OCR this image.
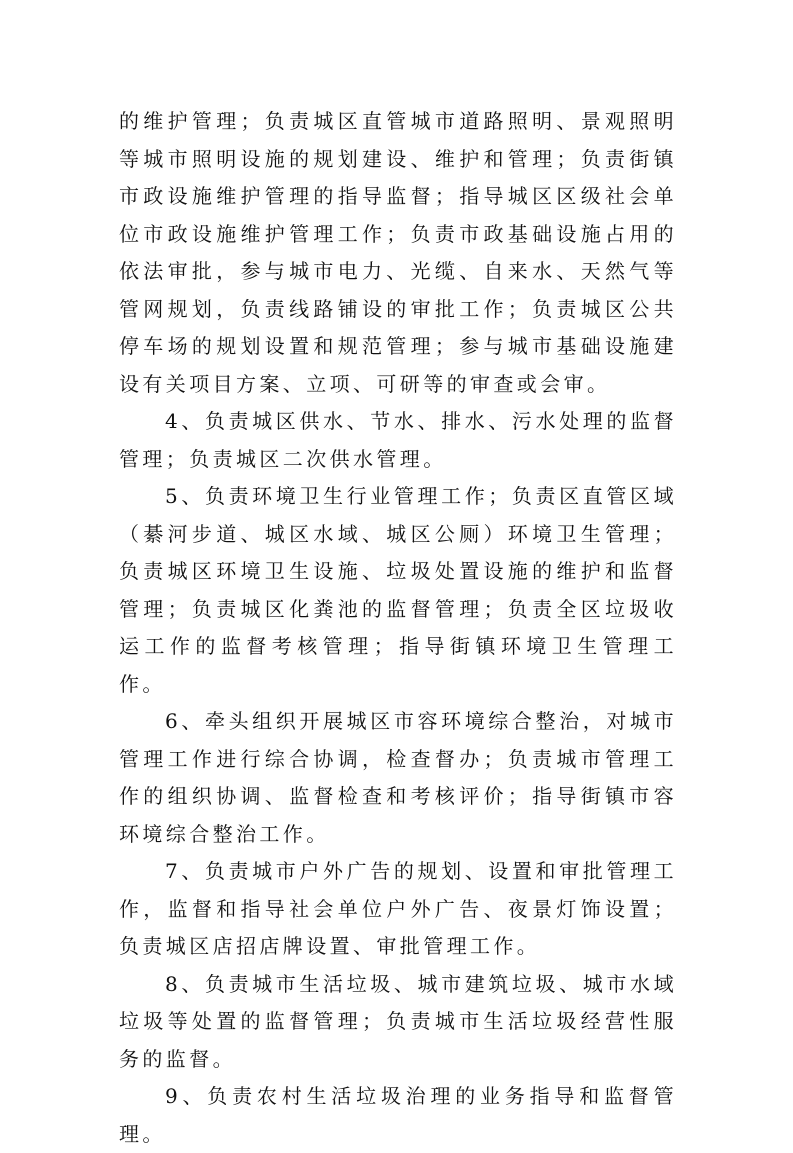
的维护管理；负责城区直管城市道路照明、景观照明等城市照明设施的规划建设、维护和管理；负责街镇市政设施维护管理的指导监督；指导城区区级社会单位市政设施维护管理工作；负责市政基础设施占用的依法审批，参与城市电力、光缆、自来水、天然气等管网规划，负责线路铺设的审批工作；负责城区公共停车场的规划设置和规范管理；参与城市基础设施建设有关项目方案、立项、可研等的审查或会审。

4、负责城区供水、节水、排水、污水处理的监督管理；负责城区二次供水管理。

5、负责环境卫生行业管理工作；负责区直管区域（綦河步道、城区水域、城区公厕）环境卫生管理；负责城区环境卫生设施、垃圾处置设施的维护和监督管理；负责城区化粪池的监督管理；负责全区垃圾收运工作的监督考核管理；指导街镇环境卫生管理工作。

6、牵头组织开展城区市容环境综合整治，对城市管理工作进行综合协调，检查督办；负责城市管理工作的组织协调、监督检查和考核评价；指导街镇市容环境综合整治工作。

7、负责城市户外广告的规划、设置和审批管理工作，监督和指导社会单位户外广告、夜景灯饰设置；负责城区店招店牌设置、审批管理工作。

8、负责城市生活垃圾、城市建筑垃圾、城市水域垃圾等处置的监督管理；负责城市生活垃圾经营性服务的监督。

9、负责农村生活垃圾治理的业务指导和监督管理。
